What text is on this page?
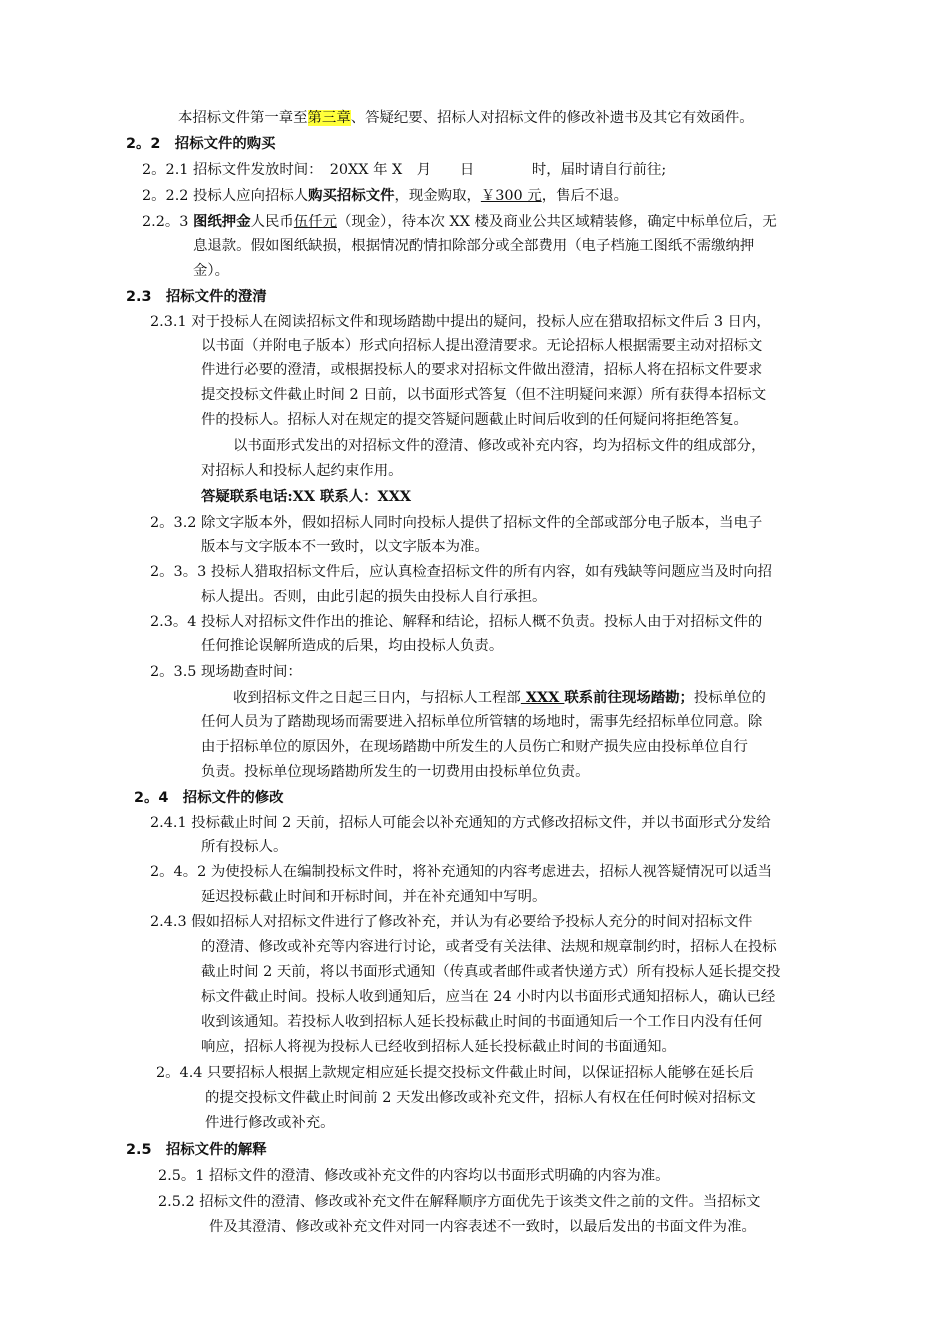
本招标文件第一章至第三章、答疑纪要、招标人对招标文件的修改补遗书及其它有效函件。
2。2　招标文件的购买
2。2.1 招标文件发放时间：　20XX 年 X　月　　日　　　　时，届时请自行前往;
2。2.2 投标人应向招标人购买招标文件，现金购取，￥300 元，售后不退。
2.2。3 图纸押金人民币伍仟元（现金），待本次 XX 楼及商业公共区域精装修，确定中标单位后，无
息退款。假如图纸缺损，根据情况酌情扣除部分或全部费用（电子档施工图纸不需缴纳押
金）。
2.3　招标文件的澄清
2.3.1 对于投标人在阅读招标文件和现场踏勘中提出的疑问，投标人应在猎取招标文件后 3 日内，
以书面（并附电子版本）形式向招标人提出澄清要求。无论招标人根据需要主动对招标文
件进行必要的澄清，或根据投标人的要求对招标文件做出澄清，招标人将在招标文件要求
提交投标文件截止时间 2 日前，以书面形式答复（但不注明疑问来源）所有获得本招标文
件的投标人。招标人对在规定的提交答疑问题截止时间后收到的任何疑问将拒绝答复。
以书面形式发出的对招标文件的澄清、修改或补充内容，均为招标文件的组成部分，
对招标人和投标人起约束作用。
答疑联系电话:XX 联系人：XXX
2。3.2 除文字版本外，假如招标人同时向投标人提供了招标文件的全部或部分电子版本，当电子
版本与文字版本不一致时，以文字版本为准。
2。3。3 投标人猎取招标文件后，应认真检查招标文件的所有内容，如有残缺等问题应当及时向招
标人提出。否则，由此引起的损失由投标人自行承担。
2.3。4 投标人对招标文件作出的推论、解释和结论，招标人概不负责。投标人由于对招标文件的
任何推论误解所造成的后果，均由投标人负责。
2。3.5 现场勘查时间：
收到招标文件之日起三日内，与招标人工程部 XXX 联系前往现场踏勘；投标单位的
任何人员为了踏勘现场而需要进入招标单位所管辖的场地时，需事先经招标单位同意。除
由于招标单位的原因外，在现场踏勘中所发生的人员伤亡和财产损失应由投标单位自行
负责。投标单位现场踏勘所发生的一切费用由投标单位负责。
2。4　招标文件的修改
2.4.1 投标截止时间 2 天前，招标人可能会以补充通知的方式修改招标文件，并以书面形式分发给
所有投标人。
2。4。2 为使投标人在编制投标文件时，将补充通知的内容考虑进去，招标人视答疑情况可以适当
延迟投标截止时间和开标时间，并在补充通知中写明。
2.4.3 假如招标人对招标文件进行了修改补充，并认为有必要给予投标人充分的时间对招标文件
的澄清、修改或补充等内容进行讨论，或者受有关法律、法规和规章制约时，招标人在投标
截止时间 2 天前，将以书面形式通知（传真或者邮件或者快递方式）所有投标人延长提交投
标文件截止时间。投标人收到通知后，应当在 24 小时内以书面形式通知招标人，确认已经
收到该通知。若投标人收到招标人延长投标截止时间的书面通知后一个工作日内没有任何
响应，招标人将视为投标人已经收到招标人延长投标截止时间的书面通知。
2。4.4 只要招标人根据上款规定相应延长提交投标文件截止时间，以保证招标人能够在延长后
的提交投标文件截止时间前 2 天发出修改或补充文件，招标人有权在任何时候对招标文
件进行修改或补充。
2.5　招标文件的解释
2.5。1 招标文件的澄清、修改或补充文件的内容均以书面形式明确的内容为准。
2.5.2 招标文件的澄清、修改或补充文件在解释顺序方面优先于该类文件之前的文件。当招标文
件及其澄清、修改或补充文件对同一内容表述不一致时，以最后发出的书面文件为准。
